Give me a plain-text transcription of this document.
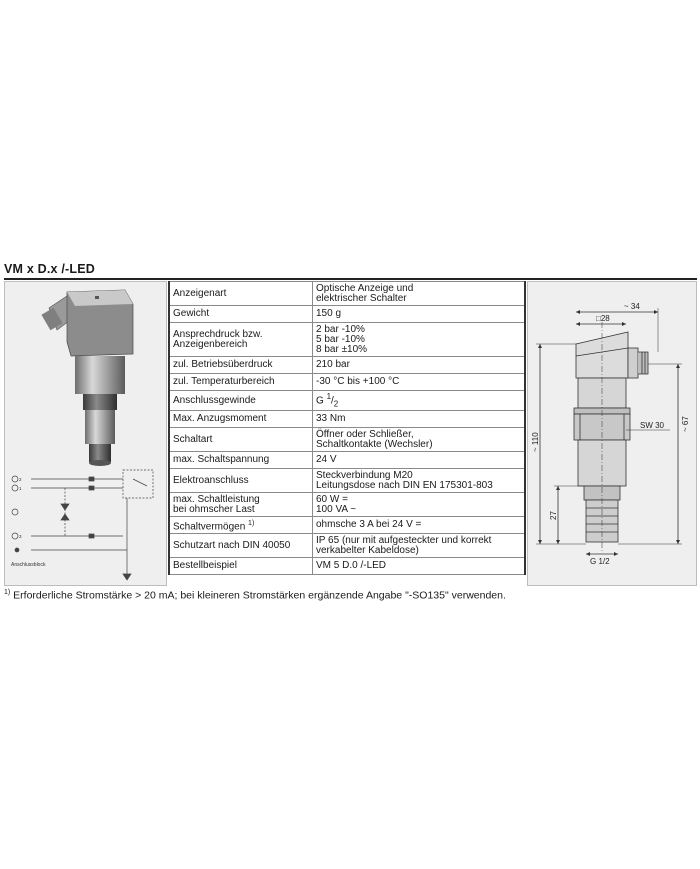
VM x D.x /-LED
2
1
3
Anschlussblock
Anzeigenart	Optische Anzeige und
elektrischer Schalter
Gewicht	150 g
Ansprechdruck bzw.
Anzeigenbereich	2 bar -10%
5 bar -10%
8 bar ±10%
zul. Betriebsüberdruck	210 bar
zul. Temperaturbereich	-30 °C bis +100 °C
Anschlussgewinde	G $^1/_2$
Max. Anzugsmoment	33 Nm
Schaltart	Öffner oder Schließer,
Schaltkontakte (Wechsler)
max. Schaltspannung	24 V
Elektroanschluss	Steckverbindung M20
Leitungsdose nach DIN EN 175301-803
max. Schaltleistung
bei ohmscher Last	60 W =
100 VA ~
Schaltvermögen $^{1)}$	ohmsche 3 A bei 24 V =
Schutzart nach DIN 40050	IP 65 (nur mit aufgesteckter und korrekt
verkabelter Kabeldose)
Bestellbeispiel	VM 5 D.0 /-LED
~ 34
□28
~ 110
~ 67
27
SW 30
G 1/2
$^{1)}$ Erforderliche Stromstärke > 20 mA; bei kleineren Stromstärken ergänzende Angabe "-SO135" verwenden.
